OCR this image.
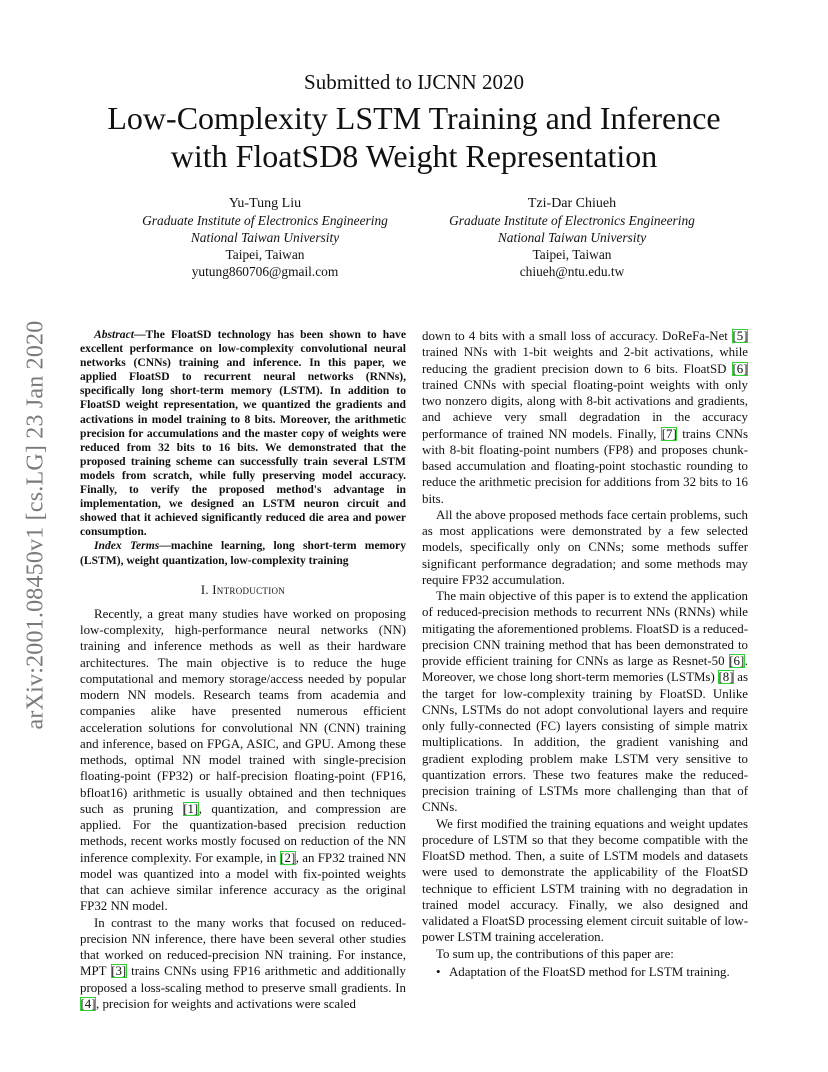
arXiv:2001.08450v1 [cs.LG] 23 Jan 2020
Submitted to IJCNN 2020
Low-Complexity LSTM Training and Inference
with FloatSD8 Weight Representation
Yu-Tung Liu
Graduate Institute of Electronics Engineering
National Taiwan University
Taipei, Taiwan
yutung860706@gmail.com
Tzi-Dar Chiueh
Graduate Institute of Electronics Engineering
National Taiwan University
Taipei, Taiwan
chiueh@ntu.edu.tw

Abstract—The FloatSD technology has been shown to have excellent performance on low-complexity convolutional neural networks (CNNs) training and inference. In this paper, we applied FloatSD to recurrent neural networks (RNNs), specifically long short-term memory (LSTM). In addition to FloatSD weight representation, we quantized the gradients and activations in model training to 8 bits. Moreover, the arithmetic precision for accumulations and the master copy of weights were reduced from 32 bits to 16 bits. We demonstrated that the proposed training scheme can successfully train several LSTM models from scratch, while fully preserving model accuracy. Finally, to verify the proposed method's advantage in implementation, we designed an LSTM neuron circuit and showed that it achieved significantly reduced die area and power consumption.

Index Terms—machine learning, long short-term memory (LSTM), weight quantization, low-complexity training

I. Introduction

Recently, a great many studies have worked on proposing low-complexity, high-performance neural networks (NN) training and inference methods as well as their hardware architectures. The main objective is to reduce the huge computational and memory storage/access needed by popular modern NN models. Research teams from academia and companies alike have presented numerous efficient acceleration solutions for convolutional NN (CNN) training and inference, based on FPGA, ASIC, and GPU. Among these methods, optimal NN model trained with single-precision floating-point (FP32) or half-precision floating-point (FP16, bfloat16) arithmetic is usually obtained and then techniques such as pruning [1], quantization, and compression are applied. For the quantization-based precision reduction methods, recent works mostly focused on reduction of the NN inference complexity. For example, in [2], an FP32 trained NN model was quantized into a model with fix-pointed weights that can achieve similar inference accuracy as the original FP32 NN model.

In contrast to the many works that focused on reduced-precision NN inference, there have been several other studies that worked on reduced-precision NN training. For instance, MPT [3] trains CNNs using FP16 arithmetic and additionally proposed a loss-scaling method to preserve small gradients. In [4], precision for weights and activations were scaled

down to 4 bits with a small loss of accuracy. DoReFa-Net [5] trained NNs with 1-bit weights and 2-bit activations, while reducing the gradient precision down to 6 bits. FloatSD [6] trained CNNs with special floating-point weights with only two nonzero digits, along with 8-bit activations and gradients, and achieve very small degradation in the accuracy performance of trained NN models. Finally, [7] trains CNNs with 8-bit floating-point numbers (FP8) and proposes chunk-based accumulation and floating-point stochastic rounding to reduce the arithmetic precision for additions from 32 bits to 16 bits.

All the above proposed methods face certain problems, such as most applications were demonstrated by a few selected models, specifically only on CNNs; some methods suffer significant performance degradation; and some methods may require FP32 accumulation.

The main objective of this paper is to extend the application of reduced-precision methods to recurrent NNs (RNNs) while mitigating the aforementioned problems. FloatSD is a reduced-precision CNN training method that has been demonstrated to provide efficient training for CNNs as large as Resnet-50 [6]. Moreover, we chose long short-term memories (LSTMs) [8] as the target for low-complexity training by FloatSD. Unlike CNNs, LSTMs do not adopt convolutional layers and require only fully-connected (FC) layers consisting of simple matrix multiplications. In addition, the gradient vanishing and gradient exploding problem make LSTM very sensitive to quantization errors. These two features make the reduced-precision training of LSTMs more challenging than that of CNNs.

We first modified the training equations and weight updates procedure of LSTM so that they become compatible with the FloatSD method. Then, a suite of LSTM models and datasets were used to demonstrate the applicability of the FloatSD technique to efficient LSTM training with no degradation in trained model accuracy. Finally, we also designed and validated a FloatSD processing element circuit suitable of low-power LSTM training acceleration.

To sum up, the contributions of this paper are:

• Adaptation of the FloatSD method for LSTM training.
